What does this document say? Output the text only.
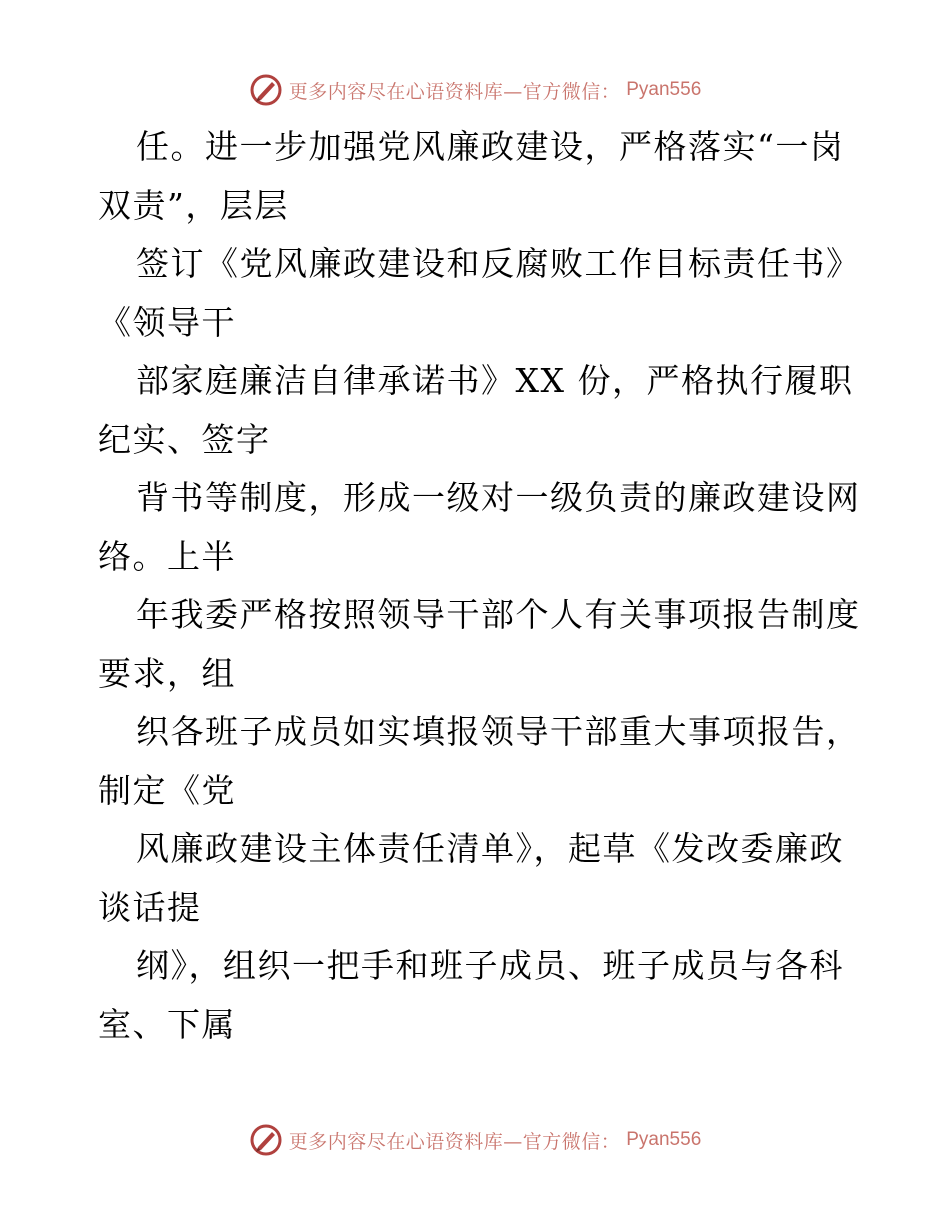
更多内容尽在心语资料库—官方微信： Pyan556
任。进一步加强党风廉政建设，严格落实“一岗
双责”，层层
签订《党风廉政建设和反腐败工作目标责任书》
《领导干
部家庭廉洁自律承诺书》XX 份，严格执行履职
纪实、签字
背书等制度，形成一级对一级负责的廉政建设网
络。上半
年我委严格按照领导干部个人有关事项报告制度
要求，组
织各班子成员如实填报领导干部重大事项报告，
制定《党
风廉政建设主体责任清单》，起草《发改委廉政
谈话提
纲》，组织一把手和班子成员、班子成员与各科
室、下属
更多内容尽在心语资料库—官方微信： Pyan556
